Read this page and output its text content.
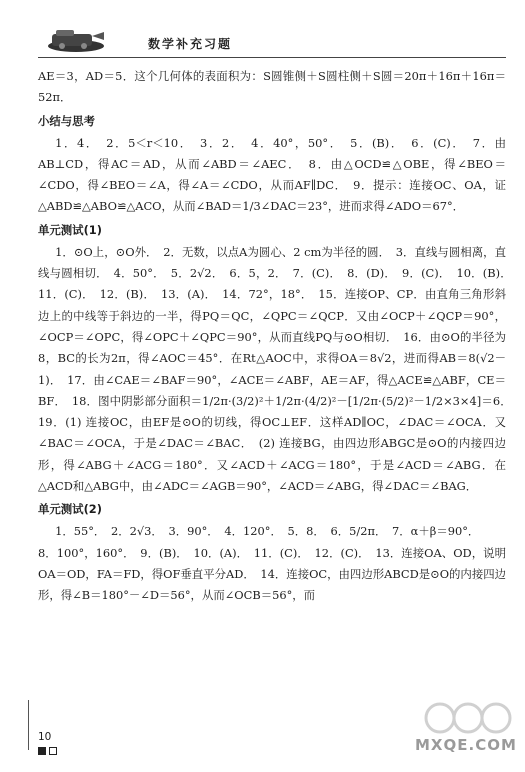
数学补充习题

AE＝3，AD＝5．这个几何体的表面积为：S圆锥侧＋S圆柱侧＋S圆＝20π＋16π＋16π＝52π．

小结与思考

1．4．　2．5＜r＜10．　3．2．　4．40°，50°．　5．(B)．　6．(C)．　7．由AB⊥CD，得AC＝AD，从而∠ABD＝∠AEC．　8．由△OCD≌△OBE，得∠BEO＝∠CDO，得∠BEO＝∠A，得∠A＝∠CDO，从而AF∥DC．　9．提示：连接OC、OA，证△ABD≌△ABO≌△ACO，从而∠BAD＝1/3∠DAC＝23°，进而求得∠ADO＝67°．

单元测试(1)

1．⊙O上，⊙O外．　2．无数，以点A为圆心、2 cm为半径的圆．　3．直线与圆相离，直线与圆相切．　4．50°．　5．2√2．　6．5，2．　7．(C)．　8．(D)．　9．(C)．　10．(B)．　11．(C)．　12．(B)．　13．(A)．　14．72°，18°．　15．连接OP、CP．由直角三角形斜边上的中线等于斜边的一半，得PQ＝QC，∠QPC＝∠QCP．又由∠OCP＋∠QCP＝90°，∠OCP＝∠OPC，得∠OPC＋∠QPC＝90°，从而直线PQ与⊙O相切．　16．由⊙O的半径为8，BC的长为2π，得∠AOC＝45°．在Rt△AOC中，求得OA＝8√2，进而得AB＝8(√2－1)．　17．由∠CAE＝∠BAF＝90°，∠ACE＝∠ABF，AE＝AF，得△ACE≌△ABF，CE＝BF．　18．图中阴影部分面积＝1/2π·(3/2)²＋1/2π·(4/2)²－[1/2π·(5/2)²－1/2×3×4]＝6．　19．(1) 连接OC，由EF是⊙O的切线，得OC⊥EF．这样AD∥OC，∠DAC＝∠OCA．又∠BAC＝∠OCA，于是∠DAC＝∠BAC．　(2) 连接BG，由四边形ABGC是⊙O的内接四边形，得∠ABG＋∠ACG＝180°．又∠ACD＋∠ACG＝180°，于是∠ACD＝∠ABG．在△ACD和△ABG中，由∠ADC＝∠AGB＝90°，∠ACD＝∠ABG，得∠DAC＝∠BAG．

单元测试(2)

1．55°．　2．2√3．　3．90°．　4．120°．　5．8．　6．5/2π．　7．α＋β＝90°．

8．100°，160°．　9．(B)．　10．(A)．　11．(C)．　12．(C)．　13．连接OA、OD，说明OA＝OD，FA＝FD，得OF垂直平分AD．　14．连接OC，由四边形ABCD是⊙O的内接四边形，得∠B＝180°－∠D＝56°，从而∠OCB＝56°，而

10	MXQE.COM
